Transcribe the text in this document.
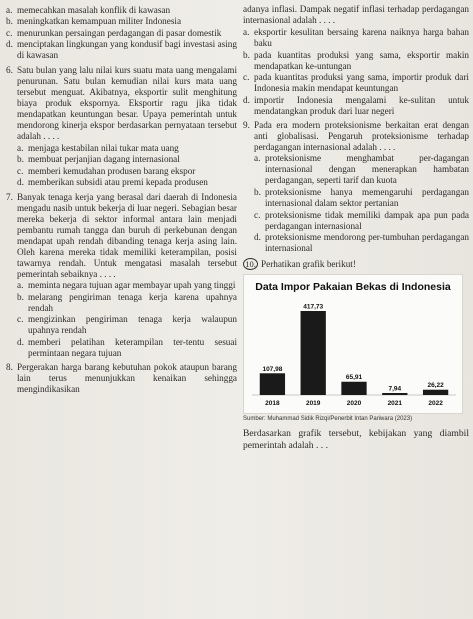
a. memecahkan masalah konflik di kawasan
b. meningkatkan kemampuan militer Indonesia
c. menurunkan persaingan perdagangan di pasar domestik
d. menciptakan lingkungan yang kondusif bagi investasi asing di kawasan
6. Satu bulan yang lalu nilai kurs suatu mata uang mengalami penurunan. Satu bulan kemudian nilai kurs mata uang tersebut menguat. Akibatnya, eksportir sulit menghitung biaya produk ekspornya. Eksportir ragu jika tidak mendapatkan keuntungan besar. Upaya pemerintah untuk mendorong kinerja ekspor berdasarkan pernyataan tersebut adalah . . . .
a. menjaga kestabilan nilai tukar mata uang
b. membuat perjanjian dagang internasional
c. memberi kemudahan produsen barang ekspor
d. memberikan subsidi atau premi kepada produsen
7. Banyak tenaga kerja yang berasal dari daerah di Indonesia mengadu nasib untuk bekerja di luar negeri. Sebagian besar mereka bekerja di sektor informal antara lain menjadi pembantu rumah tangga dan buruh di perkebunan dengan mendapat upah rendah dibanding tenaga kerja asing lain. Oleh karena mereka tidak memiliki keterampilan, posisi tawarnya rendah. Untuk mengatasi masalah tersebut pemerintah sebaiknya . . . .
a. meminta negara tujuan agar membayar upah yang tinggi
b. melarang pengiriman tenaga kerja karena upahnya rendah
c. mengizinkan pengiriman tenaga kerja walaupun upahnya rendah
d. memberi pelatihan keterampilan ter-tentu sesuai permintaan negara tujuan
8. Pergerakan harga barang kebutuhan pokok ataupun barang lain terus menunjukkan kenaikan sehingga mengindikasikan
adanya inflasi. Dampak negatif inflasi terhadap perdagangan internasional adalah . . . .
a. eksportir kesulitan bersaing karena naiknya harga bahan baku
b. pada kuantitas produksi yang sama, eksportir makin mendapatkan ke-untungan
c. pada kuantitas produksi yang sama, importir produk dari Indonesia makin mendapat keuntungan
d. importir Indonesia mengalami ke-sulitan untuk mendatangkan produk dari luar negeri
9. Pada era modern proteksionisme berkaitan erat dengan anti globalisasi. Pengaruh proteksionisme terhadap perdagangan internasional adalah . . . .
a. proteksionisme menghambat per-dagangan internasional dengan menerapkan hambatan perdagangan, seperti tarif dan kuota
b. proteksionisme hanya memengaruhi perdagangan internasional dalam sektor pertanian
c. proteksionisme tidak memiliki dampak apa pun pada perdagangan internasional
d. proteksionisme mendorong per-tumbuhan perdagangan internasional
10. Perhatikan grafik berikut!
Data Impor Pakaian Bekas di Indonesia
107,98
2018
417,73
2019
65,91
2020
7,94
2021
26,22
2022
Sumber: Muhammad Sidik Rizqi/Penerbit Intan Pariwara (2023)
Berdasarkan grafik tersebut, kebijakan yang diambil pemerintah adalah . . .
